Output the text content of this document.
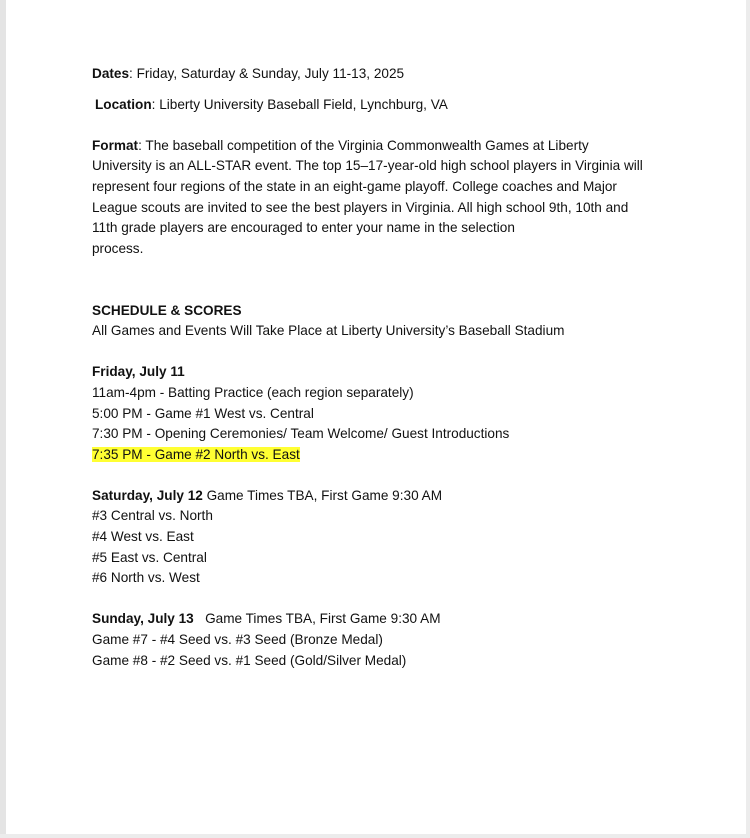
Dates: Friday, Saturday & Sunday, July 11-13, 2025
Location: Liberty University Baseball Field, Lynchburg, VA
Format: The baseball competition of the Virginia Commonwealth Games at Liberty
University is an ALL-STAR event. The top 15–17-year-old high school players in Virginia will
represent four regions of the state in an eight-game playoff. College coaches and Major
League scouts are invited to see the best players in Virginia. All high school 9th, 10th and
11th grade players are encouraged to enter your name in the selection
process.
SCHEDULE & SCORES
All Games and Events Will Take Place at Liberty University’s Baseball Stadium
Friday, July 11
11am-4pm - Batting Practice (each region separately)
5:00 PM - Game #1 West vs. Central
7:30 PM - Opening Ceremonies/ Team Welcome/ Guest Introductions
7:35 PM - Game #2 North vs. East
Saturday, July 12 Game Times TBA, First Game 9:30 AM
#3 Central vs. North
#4 West vs. East
#5 East vs. Central
#6 North vs. West
Sunday, July 13   Game Times TBA, First Game 9:30 AM
Game #7 - #4 Seed vs. #3 Seed (Bronze Medal)
Game #8 - #2 Seed vs. #1 Seed (Gold/Silver Medal)
